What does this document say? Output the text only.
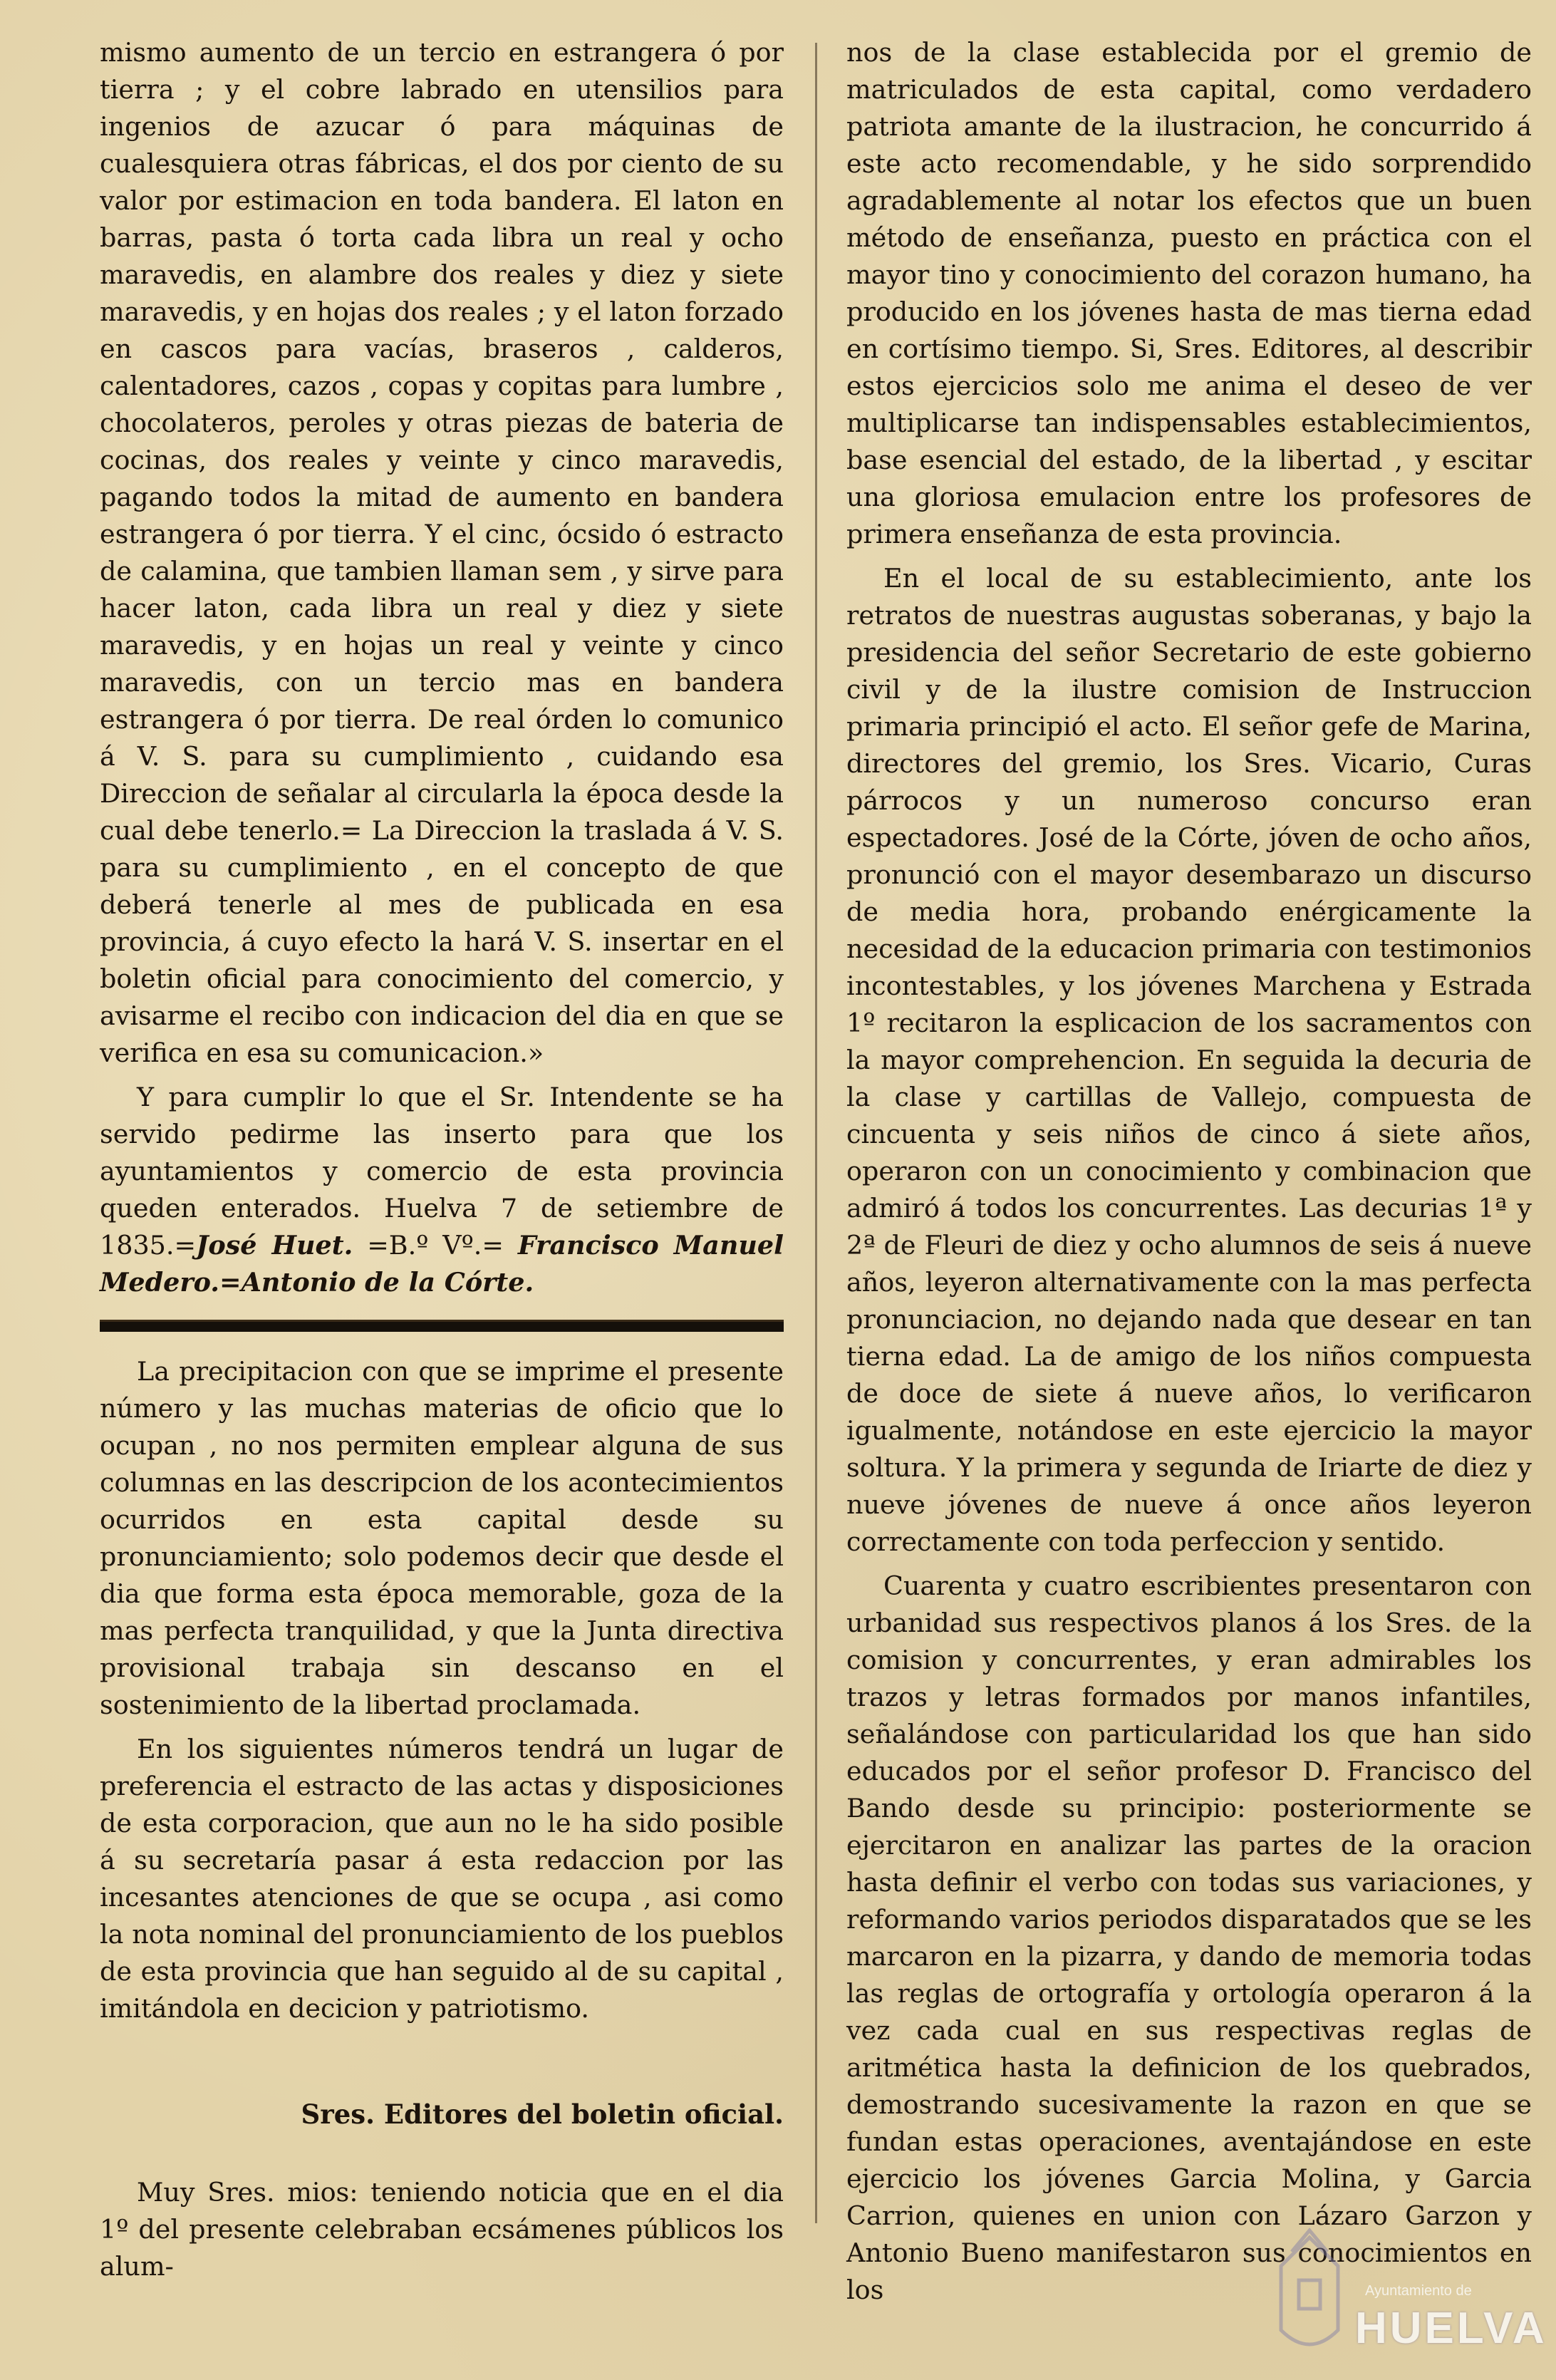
mismo aumento de un tercio en estrangera ó por tierra ; y el cobre labrado en utensilios para ingenios de azucar ó para máquinas de cualesquiera otras fábricas, el dos por ciento de su valor por estimacion en toda bandera. El laton en barras, pasta ó torta cada libra un real y ocho maravedis, en alambre dos reales y diez y siete maravedis, y en hojas dos reales ; y el laton forzado en cascos para vacías, braseros , calderos, calentadores, cazos , copas y copitas para lumbre , chocolateros, peroles y otras piezas de bateria de cocinas, dos reales y veinte y cinco maravedis, pagando todos la mitad de aumento en bandera estrangera ó por tierra. Y el cinc, ócsido ó estracto de calamina, que tambien llaman sem , y sirve para hacer laton, cada libra un real y diez y siete maravedis, y en hojas un real y veinte y cinco maravedis, con un tercio mas en bandera estrangera ó por tierra. De real órden lo comunico á V. S. para su cumplimiento , cuidando esa Direccion de señalar al circularla la época desde la cual debe tenerlo.= La Direccion la traslada á V. S. para su cumplimiento , en el concepto de que deberá tenerle al mes de publicada en esa provincia, á cuyo efecto la hará V. S. insertar en el boletin oficial para conocimiento del comercio, y avisarme el recibo con indicacion del dia en que se verifica en esa su comunicacion.»

Y para cumplir lo que el Sr. Intendente se ha servido pedirme las inserto para que los ayuntamientos y comercio de esta provincia queden enterados. Huelva 7 de setiembre de 1835.=José Huet. =B.º Vº.= Francisco Manuel Medero.=Antonio de la Córte.

La precipitacion con que se imprime el presente número y las muchas materias de oficio que lo ocupan , no nos permiten emplear alguna de sus columnas en las descripcion de los acontecimientos ocurridos en esta capital desde su pronunciamiento; solo podemos decir que desde el dia que forma esta época memorable, goza de la mas perfecta tranquilidad, y que la Junta directiva provisional trabaja sin descanso en el sostenimiento de la libertad proclamada.

En los siguientes números tendrá un lugar de preferencia el estracto de las actas y disposiciones de esta corporacion, que aun no le ha sido posible á su secretaría pasar á esta redaccion por las incesantes atenciones de que se ocupa , asi como la nota nominal del pronunciamiento de los pueblos de esta provincia que han seguido al de su capital , imitándola en decicion y patriotismo.

Sres. Editores del boletin oficial.

Muy Sres. mios: teniendo noticia que en el dia 1º del presente celebraban ecsámenes públicos los alum-

nos de la clase establecida por el gremio de matriculados de esta capital, como verdadero patriota amante de la ilustracion, he concurrido á este acto recomendable, y he sido sorprendido agradablemente al notar los efectos que un buen método de enseñanza, puesto en práctica con el mayor tino y conocimiento del corazon humano, ha producido en los jóvenes hasta de mas tierna edad en cortísimo tiempo. Si, Sres. Editores, al describir estos ejercicios solo me anima el deseo de ver multiplicarse tan indispensables establecimientos, base esencial del estado, de la libertad , y escitar una gloriosa emulacion entre los profesores de primera enseñanza de esta provincia.

En el local de su establecimiento, ante los retratos de nuestras augustas soberanas, y bajo la presidencia del señor Secretario de este gobierno civil y de la ilustre comision de Instruccion primaria principió el acto. El señor gefe de Marina, directores del gremio, los Sres. Vicario, Curas párrocos y un numeroso concurso eran espectadores. José de la Córte, jóven de ocho años, pronunció con el mayor desembarazo un discurso de media hora, probando enérgicamente la necesidad de la educacion primaria con testimonios incontestables, y los jóvenes Marchena y Estrada 1º recitaron la esplicacion de los sacramentos con la mayor comprehencion. En seguida la decuria de la clase y cartillas de Vallejo, compuesta de cincuenta y seis niños de cinco á siete años, operaron con un conocimiento y combinacion que admiró á todos los concurrentes. Las decurias 1ª y 2ª de Fleuri de diez y ocho alumnos de seis á nueve años, leyeron alternativamente con la mas perfecta pronunciacion, no dejando nada que desear en tan tierna edad. La de amigo de los niños compuesta de doce de siete á nueve años, lo verificaron igualmente, notándose en este ejercicio la mayor soltura. Y la primera y segunda de Iriarte de diez y nueve jóvenes de nueve á once años leyeron correctamente con toda perfeccion y sentido.

Cuarenta y cuatro escribientes presentaron con urbanidad sus respectivos planos á los Sres. de la comision y concurrentes, y eran admirables los trazos y letras formados por manos infantiles, señalándose con particularidad los que han sido educados por el señor profesor D. Francisco del Bando desde su principio: posteriormente se ejercitaron en analizar las partes de la oracion hasta definir el verbo con todas sus variaciones, y reformando varios periodos disparatados que se les marcaron en la pizarra, y dando de memoria todas las reglas de ortografía y ortología operaron á la vez cada cual en sus respectivas reglas de aritmética hasta la definicion de los quebrados, demostrando sucesivamente la razon en que se fundan estas operaciones, aventajándose en este ejercicio los jóvenes Garcia Molina, y Garcia Carrion, quienes en union con Lázaro Garzon y Antonio Bueno manifestaron sus conocimientos en los	Ayuntamiento de
HUELVA
